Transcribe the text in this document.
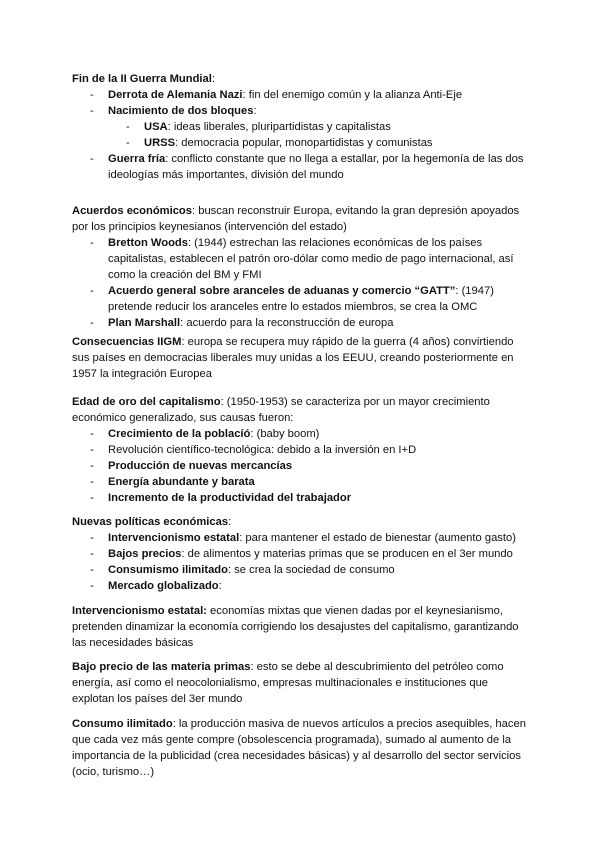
Fin de la II Guerra Mundial:

- Derrota de Alemania Nazi: fin del enemigo común y la alianza Anti-Eje
- Nacimiento de dos bloques:
- USA: ideas liberales, pluripartidistas y capitalistas
- URSS: democracia popular, monopartidistas y comunistas
- Guerra fría: conflicto constante que no llega a estallar, por la hegemonía de las dos ideologías más importantes, división del mundo

Acuerdos económicos: buscan reconstruir Europa, evitando la gran depresión apoyados por los principios keynesianos (intervención del estado)

- Bretton Woods: (1944) estrechan las relaciones económicas de los países capitalistas, establecen el patrón oro-dólar como medio de pago internacional, así como la creación del BM y FMI
- Acuerdo general sobre aranceles de aduanas y comercio “GATT”: (1947) pretende reducir los aranceles entre lo estados miembros, se crea la OMC
- Plan Marshall: acuerdo para la reconstrucción de europa

Consecuencias IIGM: europa se recupera muy rápido de la guerra (4 años) convirtiendo sus países en democracias liberales muy unidas a los EEUU, creando posteriormente en 1957 la integración Europea

Edad de oro del capitalismo: (1950-1953) se caracteriza por un mayor crecimiento económico generalizado, sus causas fueron:

- Crecimiento de la poblacíó: (baby boom)
- Revolución científico-tecnológica: debido a la inversión en I+D
- Producción de nuevas mercancías
- Energía abundante y barata
- Incremento de la productividad del trabajador

Nuevas políticas económicas:

- Intervencionismo estatal: para mantener el estado de bienestar (aumento gasto)
- Bajos precios: de alimentos y materias primas que se producen en el 3er mundo
- Consumismo ilimitado: se crea la sociedad de consumo
- Mercado globalizado:

Intervencionismo estatal: economías mixtas que vienen dadas por el keynesianismo, pretenden dinamizar la economía corrigiendo los desajustes del capitalismo, garantizando las necesidades básicas

Bajo precio de las materia primas: esto se debe al descubrimiento del petróleo como energía, así como el neocolonialismo, empresas multinacionales e instituciones que explotan los países del 3er mundo

Consumo ilimitado: la producción masiva de nuevos artículos a precios asequibles, hacen que cada vez más gente compre (obsolescencia programada), sumado al aumento de la importancia de la publicidad (crea necesidades básicas) y al desarrollo del sector servicios (ocio, turismo…)
